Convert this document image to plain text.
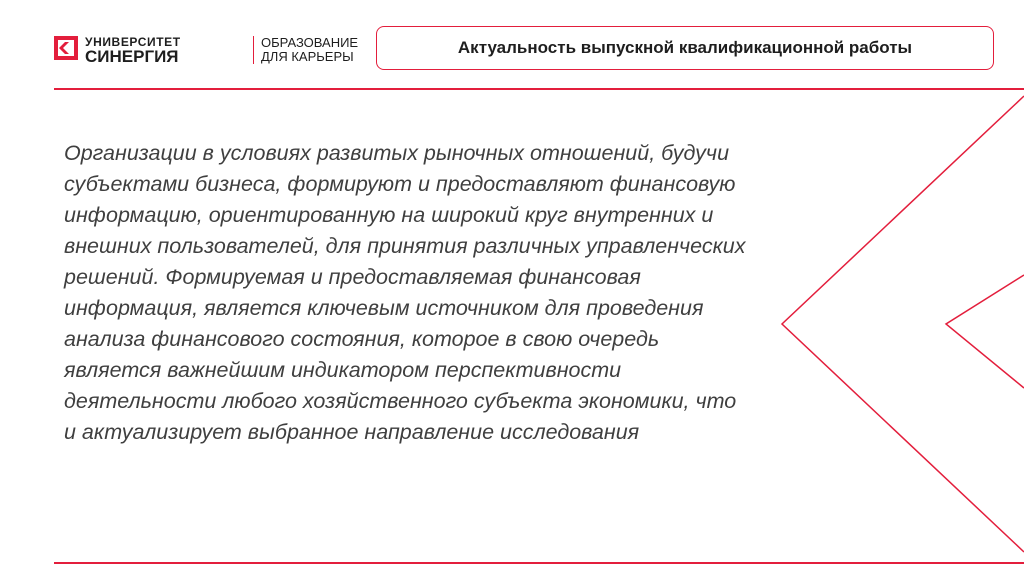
УНИВЕРСИТЕТ
СИНЕРГИЯ
ОБРАЗОВАНИЕ
ДЛЯ КАРЬЕРЫ	Актуальность выпускной квалификационной работы

Организации в условиях развитых рыночных отношений, будучи субъектами бизнеса, формируют и предоставляют финансовую информацию, ориентированную на широкий круг внутренних и внешних пользователей, для принятия различных управленческих решений. Формируемая и предоставляемая финансовая информация, является ключевым источником для проведения анализа финансового состояния, которое в свою очередь является важнейшим индикатором перспективности деятельности любого хозяйственного субъекта экономики, что и актуализирует выбранное направление исследования
